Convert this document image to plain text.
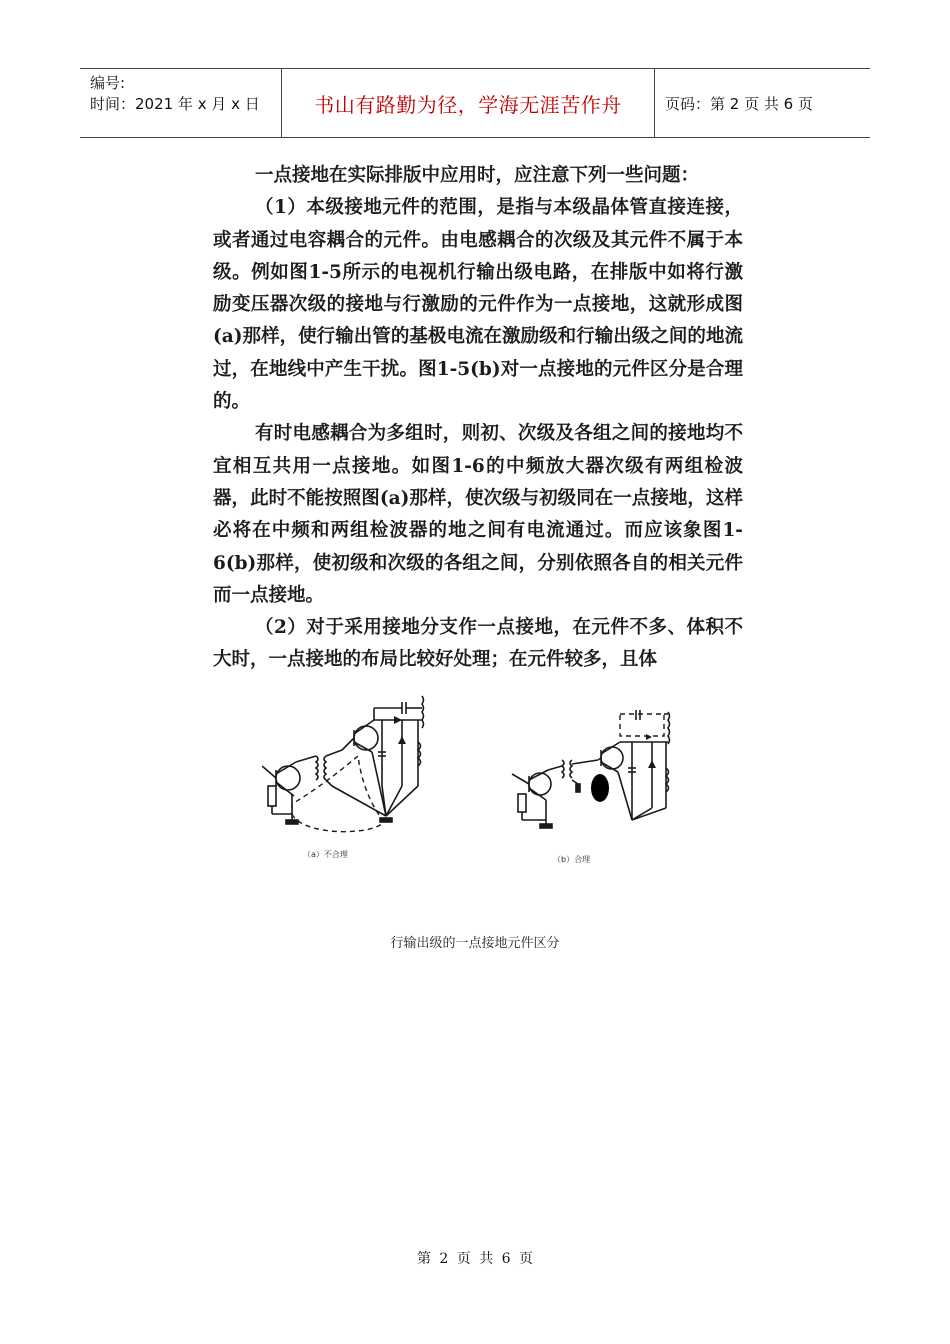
编号:
时间：2021 年 x 月 x 日	书山有路勤为径，学海无涯苦作舟	页码：第 2 页 共 6 页

一点接地在实际排版中应用时，应注意下列一些问题：

（1）本级接地元件的范围，是指与本级晶体管直接连接，或者通过电容耦合的元件。由电感耦合的次级及其元件不属于本级。例如图1-5所示的电视机行输出级电路，在排版中如将行激励变压器次级的接地与行激励的元件作为一点接地，这就形成图(a)那样，使行输出管的基极电流在激励级和行输出级之间的地流过，在地线中产生干扰。图1-5(b)对一点接地的元件区分是合理的。

有时电感耦合为多组时，则初、次级及各组之间的接地均不宜相互共用一点接地。如图1-6的中频放大器次级有两组检波器，此时不能按照图(a)那样，使次级与初级同在一点接地，这样必将在中频和两组检波器的地之间有电流通过。而应该象图1-6(b)那样，使初级和次级的各组之间，分别依照各自的相关元件而一点接地。

（2）对于采用接地分支作一点接地，在元件不多、体积不大时，一点接地的布局比较好处理；在元件较多，且体

（a）不合理
（b）合理
行输出级的一点接地元件区分
第 2 页 共 6 页
